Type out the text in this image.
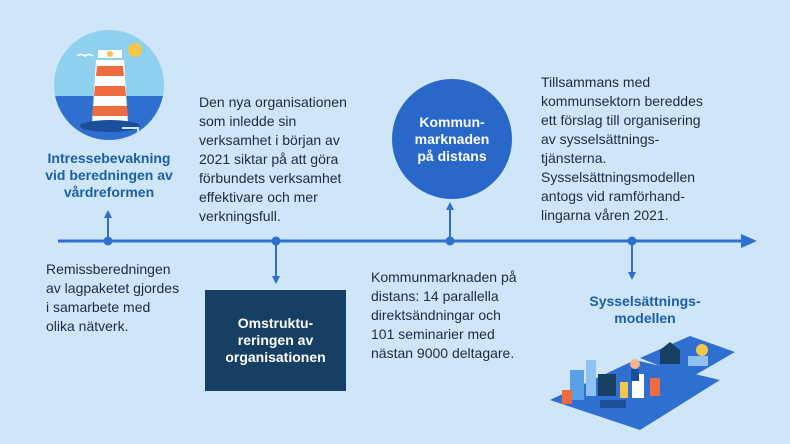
Intressebevakning
vid beredningen av
vårdreformen
Remissberedningen
av lagpaketet gjordes
i samarbete med
olika nätverk.
Den nya organisationen
som inledde sin
verksamhet i början av
2021 siktar på att göra
förbundets verksamhet
effektivare och mer
verkningsfull.
Omstruktu-
reringen av
organisationen
Kommun-
marknaden
på distans
Kommunmarknaden på
distans: 14 parallella
direktsändningar och
101 seminarier med
nästan 9000 deltagare.
Tillsammans med
kommunsektorn bereddes
ett förslag till organisering
av sysselsättnings-
tjänsterna.
Sysselsättningsmodellen
antogs vid ramförhand-
lingarna våren 2021.
Sysselsättnings-
modellen
